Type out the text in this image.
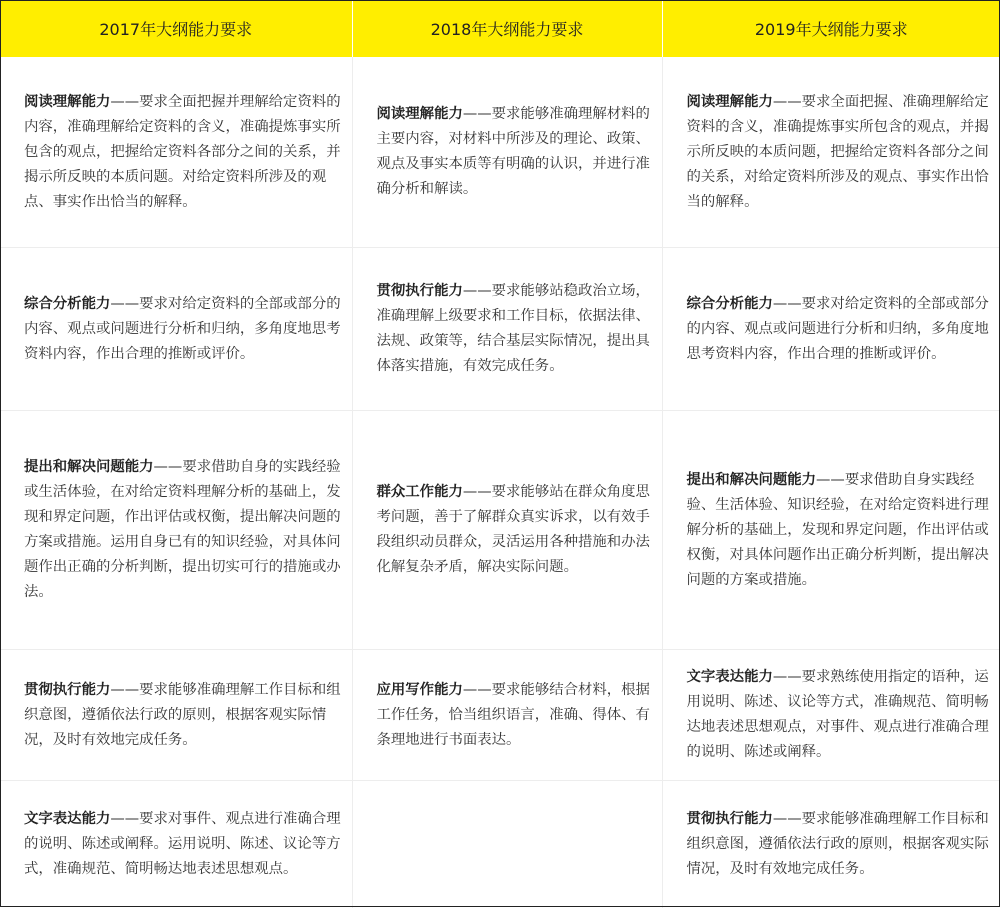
2017年大纲能力要求	2018年大纲能力要求	2019年大纲能力要求
阅读理解能力——要求全面把握并理解给定资料的内容，准确理解给定资料的含义，准确提炼事实所包含的观点，把握给定资料各部分之间的关系，并揭示所反映的本质问题。对给定资料所涉及的观点、事实作出恰当的解释。	阅读理解能力——要求能够准确理解材料的主要内容，对材料中所涉及的理论、政策、观点及事实本质等有明确的认识，并进行准确分析和解读。	阅读理解能力——要求全面把握、准确理解给定资料的含义，准确提炼事实所包含的观点，并揭示所反映的本质问题，把握给定资料各部分之间的关系，对给定资料所涉及的观点、事实作出恰当的解释。
综合分析能力——要求对给定资料的全部或部分的内容、观点或问题进行分析和归纳，多角度地思考资料内容，作出合理的推断或评价。	贯彻执行能力——要求能够站稳政治立场，准确理解上级要求和工作目标，依据法律、法规、政策等，结合基层实际情况，提出具体落实措施，有效完成任务。	综合分析能力——要求对给定资料的全部或部分的内容、观点或问题进行分析和归纳，多角度地思考资料内容，作出合理的推断或评价。
提出和解决问题能力——要求借助自身的实践经验或生活体验，在对给定资料理解分析的基础上，发现和界定问题，作出评估或权衡，提出解决问题的方案或措施。运用自身已有的知识经验，对具体问题作出正确的分析判断，提出切实可行的措施或办法。	群众工作能力——要求能够站在群众角度思考问题，善于了解群众真实诉求，以有效手段组织动员群众，灵活运用各种措施和办法化解复杂矛盾，解决实际问题。	提出和解决问题能力——要求借助自身实践经验、生活体验、知识经验，在对给定资料进行理解分析的基础上，发现和界定问题，作出评估或权衡，对具体问题作出正确分析判断，提出解决问题的方案或措施。
贯彻执行能力——要求能够准确理解工作目标和组织意图，遵循依法行政的原则，根据客观实际情况，及时有效地完成任务。	应用写作能力——要求能够结合材料，根据工作任务，恰当组织语言，准确、得体、有条理地进行书面表达。	文字表达能力——要求熟练使用指定的语种，运用说明、陈述、议论等方式，准确规范、简明畅达地表述思想观点，对事件、观点进行准确合理的说明、陈述或阐释。
文字表达能力——要求对事件、观点进行准确合理的说明、陈述或阐释。运用说明、陈述、议论等方式，准确规范、简明畅达地表述思想观点。		贯彻执行能力——要求能够准确理解工作目标和组织意图，遵循依法行政的原则，根据客观实际情况，及时有效地完成任务。
